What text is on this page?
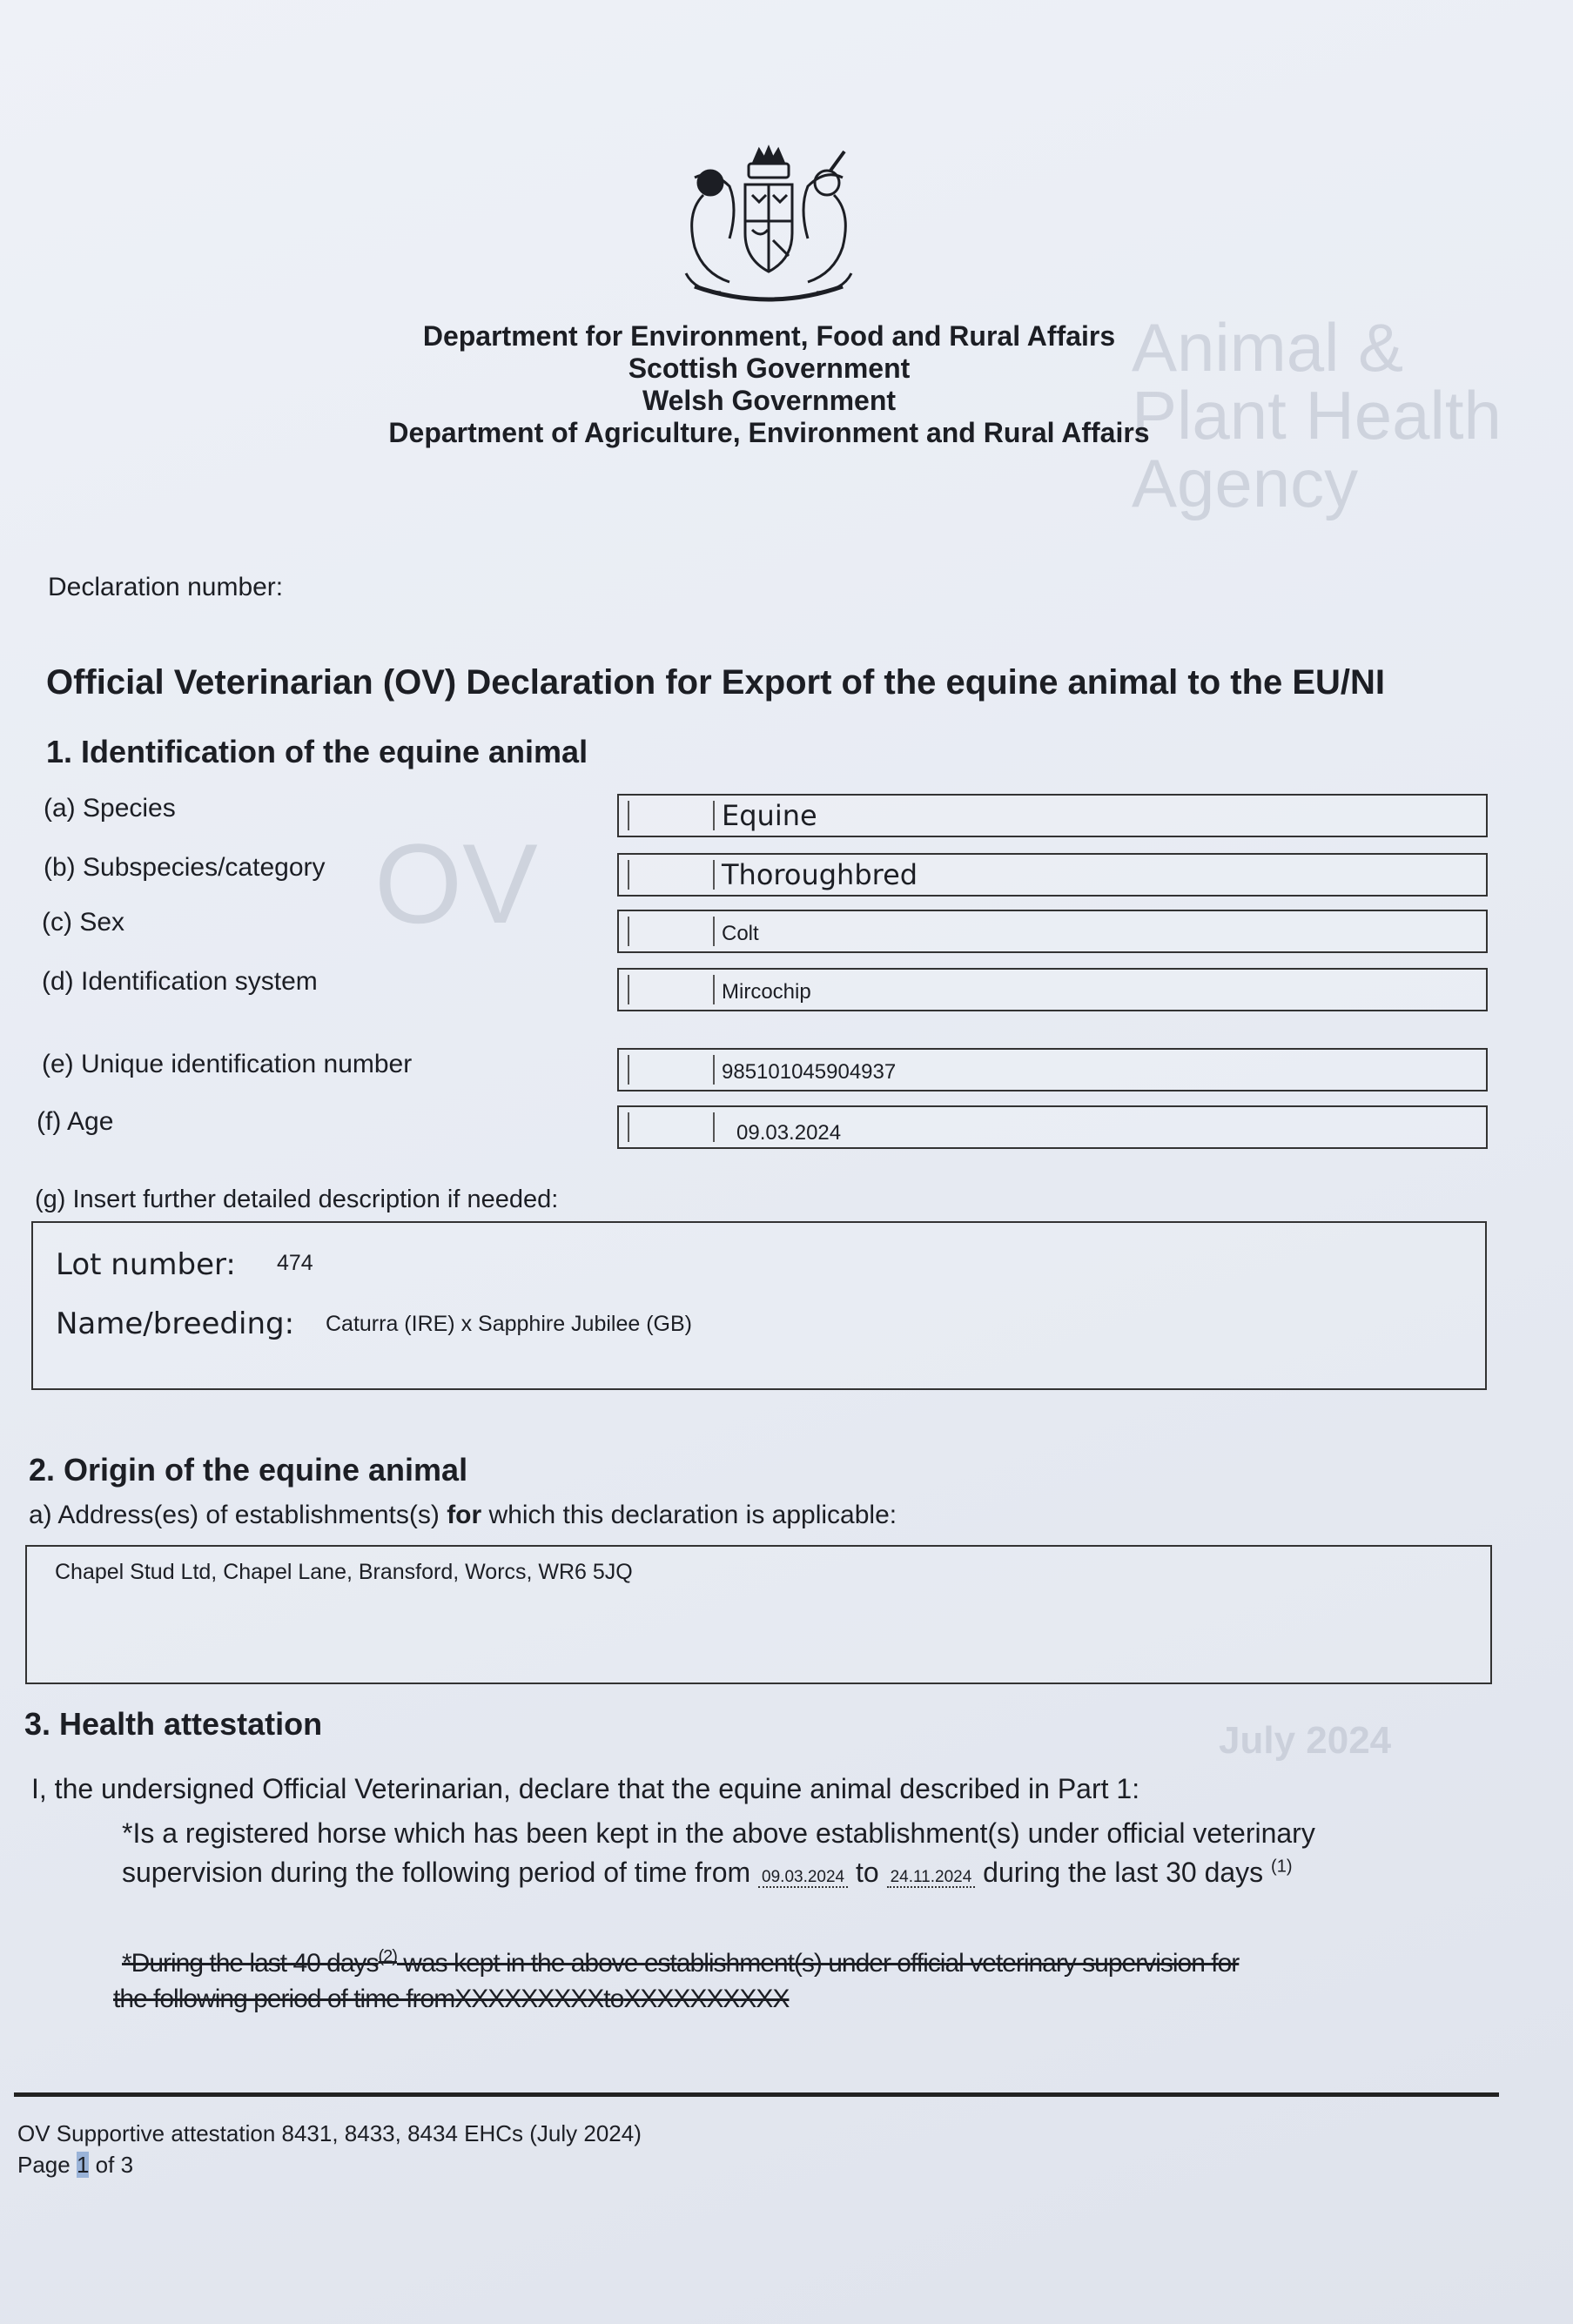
Animal &
Plant Health
Agency
OV
July 2024
Department for Environment, Food and Rural Affairs
Scottish Government
Welsh Government
Department of Agriculture, Environment and Rural Affairs
Declaration number:
Official Veterinarian (OV) Declaration for Export of the equine animal to the EU/NI
1. Identification of the equine animal
(a) Species	Equine
(b) Subspecies/category	Thoroughbred
(c) Sex	Colt
(d) Identification system	Mircochip
(e) Unique identification number	985101045904937
(f) Age	09.03.2024
(g) Insert further detailed description if needed:
Lot number: 474
Name/breeding: Caturra (IRE) x Sapphire Jubilee (GB)
2. Origin of the equine animal
a) Address(es) of establishments(s) for which this declaration is applicable:
Chapel Stud Ltd, Chapel Lane, Bransford, Worcs, WR6 5JQ
3. Health attestation
I, the undersigned Official Veterinarian, declare that the equine animal described in Part 1:
*Is a registered horse which has been kept in the above establishment(s) under official veterinary
supervision during the following period of time from 09.03.2024 to 24.11.2024 during the last 30 days $^{(1)}$
*During the last 40 days$^{(2)}$ was kept in the above establishment(s) under official veterinary supervision for
the following period of time fromXXXXXXXXXtoXXXXXXXXXX
OV Supportive attestation 8431, 8433, 8434 EHCs (July 2024)
Page 1 of 3
